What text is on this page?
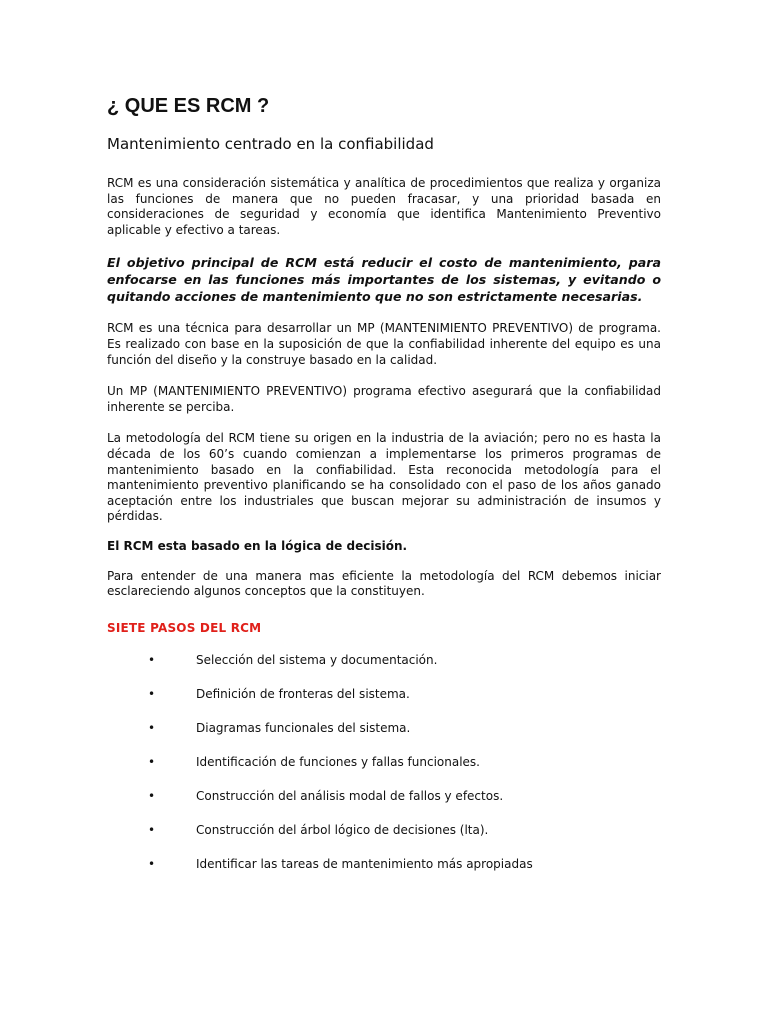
¿ QUE ES RCM ?
Mantenimiento centrado en la confiabilidad

RCM es una consideración sistemática y analítica de procedimientos que realiza y organiza las funciones de manera que no pueden fracasar, y una prioridad basada en consideraciones de seguridad y economía que identifica Mantenimiento Preventivo aplicable y efectivo a tareas.

El objetivo principal de RCM está reducir el costo de mantenimiento, para enfocarse en las funciones más importantes de los sistemas, y evitando o quitando acciones de mantenimiento que no son estrictamente necesarias.

RCM es una técnica para desarrollar un MP (MANTENIMIENTO PREVENTIVO) de programa. Es realizado con base en la suposición de que la confiabilidad inherente del equipo es una función del diseño y la construye basado en la calidad.

Un MP (MANTENIMIENTO PREVENTIVO) programa efectivo asegurará que la confiabilidad inherente se perciba.

La metodología del RCM tiene su origen en la industria de la aviación; pero no es hasta la década de los 60’s cuando comienzan a implementarse los primeros programas de mantenimiento basado en la confiabilidad. Esta reconocida metodología para el mantenimiento preventivo planificando se ha consolidado con el paso de los años ganado aceptación entre los industriales que buscan mejorar su administración de insumos y pérdidas.

El RCM esta basado en la lógica de decisión.

Para entender de una manera mas eficiente la metodología del RCM debemos iniciar esclareciendo algunos conceptos que la constituyen.

SIETE PASOS DEL RCM
•	Selección del sistema y documentación.
•	Definición de fronteras del sistema.
•	Diagramas funcionales del sistema.
•	Identificación de funciones y fallas funcionales.
•	Construcción del análisis modal de fallos y efectos.
•	Construcción del árbol lógico de decisiones (lta).
•	Identificar las tareas de mantenimiento más apropiadas
